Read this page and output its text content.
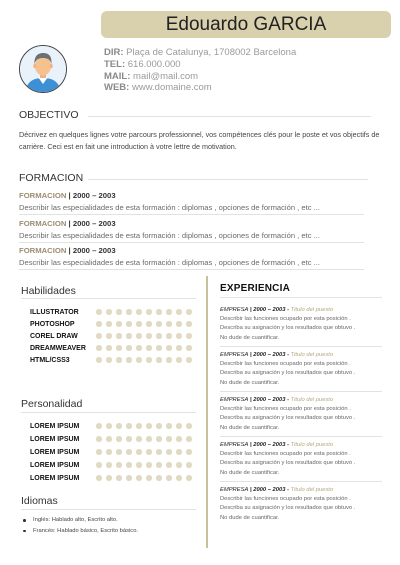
Edouardo GARCIA
DIR: Plaça de Catalunya, 1708002 Barcelona
TEL: 616.000.000
MAIL: mail@mail.com
WEB: www.domaine.com
OBJECTIVO
Décrivez en quelques lignes votre parcours professionnel, vos compétences clés pour le poste et vos objectifs de carrière. Ceci est en fait une introduction à votre lettre de motivation.
FORMACION
FORMACION | 2000 – 2003
Describir las especialidades de esta formación : diplomas , opciones de formación , etc ...
FORMACION | 2000 – 2003
Describir las especialidades de esta formación : diplomas , opciones de formación , etc ...
FORMACION | 2000 – 2003
Describir las especialidades de esta formación : diplomas , opciones de formación , etc ...
Habilidades
ILLUSTRATOR
PHOTOSHOP
COREL DRAW
DREAMWEAVER
HTML/CSS3
Personalidad
LOREM IPSUM
LOREM IPSUM
LOREM IPSUM
LOREM IPSUM
LOREM IPSUM
Idiomas
Inglés: Hablado alto, Escrito alto.
Francés: Hablado básico, Escrito básico.
EXPERIENCIA
EMPRESA | 2000 – 2003 - Titulo del puesto
Describir las funciones ocupado por esta posición .
Describa su asignación y los resultados que obtuvo .
No dude de cuantificar.
EMPRESA | 2000 – 2003 - Titulo del puesto
Describir las funciones ocupado por esta posición .
Describa su asignación y los resultados que obtuvo .
No dude de cuantificar.
EMPRESA | 2000 – 2003 - Titulo del puesto
Describir las funciones ocupado por esta posición .
Describa su asignación y los resultados que obtuvo .
No dude de cuantificar.
EMPRESA | 2000 – 2003 - Titulo del puesto
Describir las funciones ocupado por esta posición .
Describa su asignación y los resultados que obtuvo .
No dude de cuantificar.
EMPRESA | 2000 – 2003 - Titulo del puesto
Describir las funciones ocupado por esta posición .
Describa su asignación y los resultados que obtuvo .
No dude de cuantificar.
